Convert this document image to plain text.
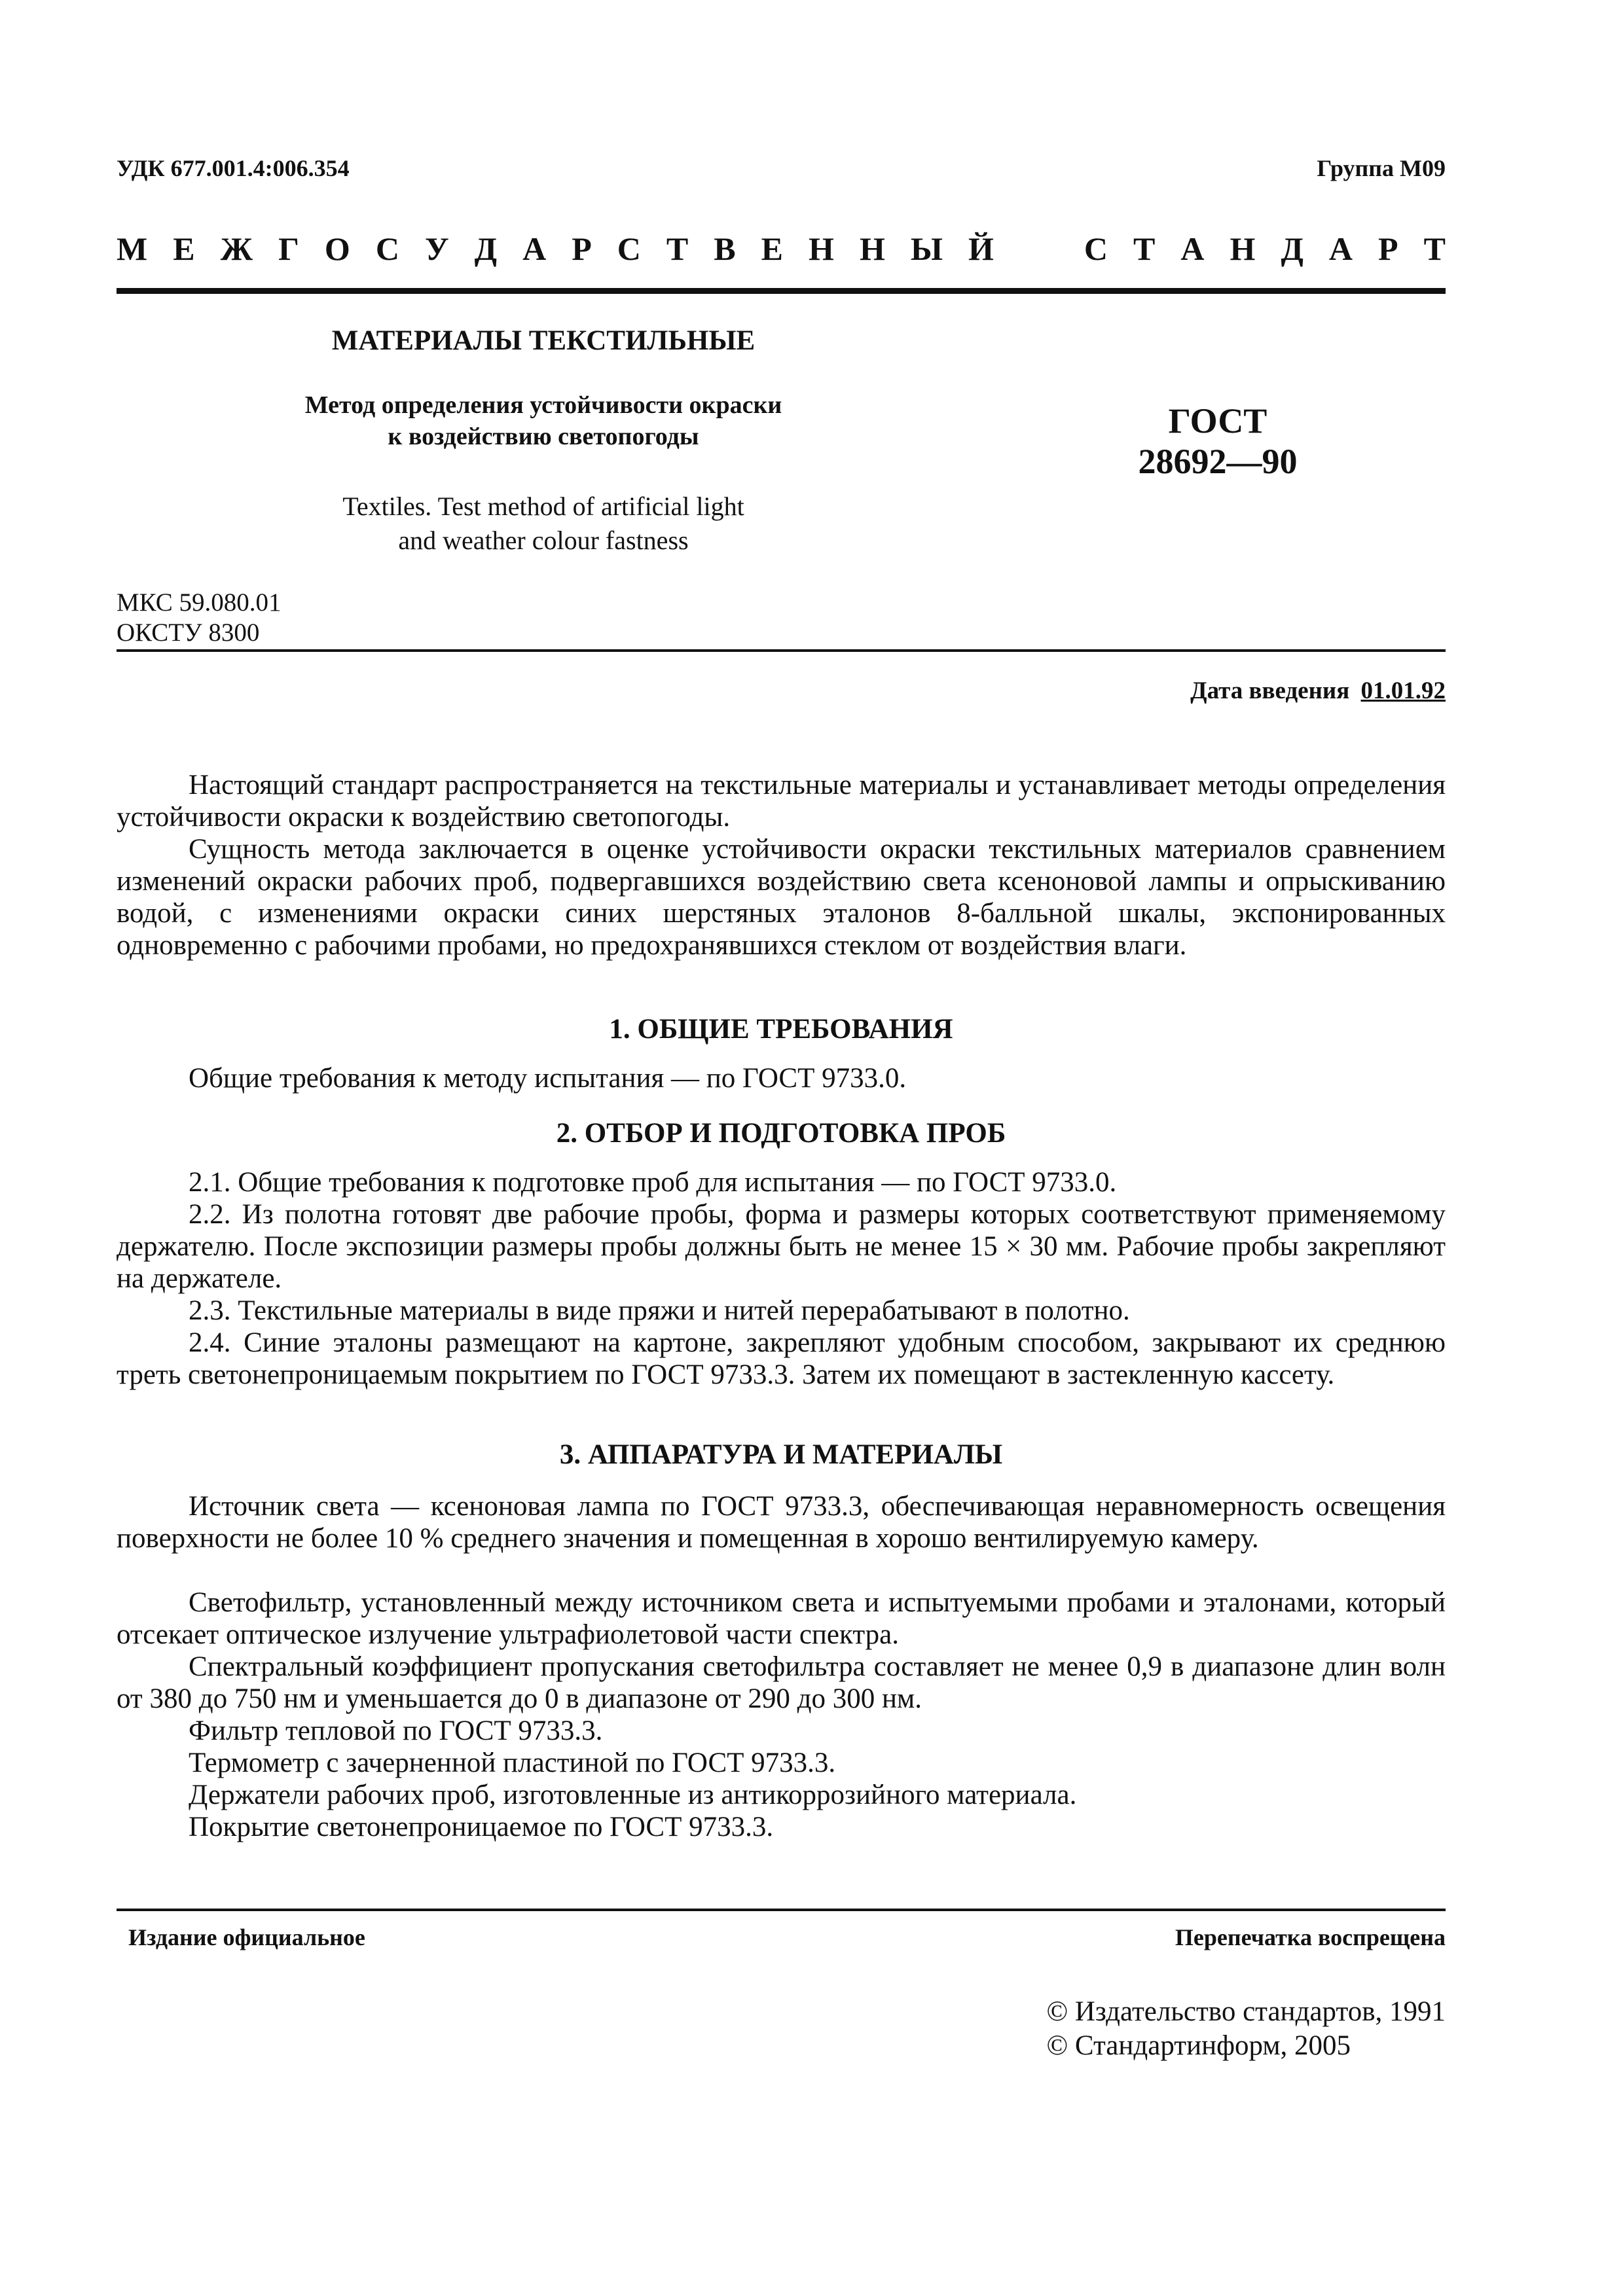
УДК 677.001.4:006.354	Группа М09
М Е Ж Г О С У Д А Р С Т В Е Н Н Ы Й	С Т А Н Д А Р Т
МАТЕРИАЛЫ ТЕКСТИЛЬНЫЕ
Метод определения устойчивости окраски
к воздействию светопогоды
Textiles. Test method of artificial light
and weather colour fastness
ГОСТ
28692—90
МКС 59.080.01
ОКСТУ 8300
Дата введения 01.01.92

Настоящий стандарт распространяется на текстильные материалы и устанавливает методы определения устойчивости окраски к воздействию светопогоды.

Сущность метода заключается в оценке устойчивости окраски текстильных материалов сравнением изменений окраски рабочих проб, подвергавшихся воздействию света ксеноновой лампы и опрыскиванию водой, с изменениями окраски синих шерстяных эталонов 8-балльной шкалы, экспонированных одновременно с рабочими пробами, но предохранявшихся стеклом от воздействия влаги.

1. ОБЩИЕ ТРЕБОВАНИЯ

Общие требования к методу испытания — по ГОСТ 9733.0.

2. ОТБОР И ПОДГОТОВКА ПРОБ

2.1. Общие требования к подготовке проб для испытания — по ГОСТ 9733.0.

2.2. Из полотна готовят две рабочие пробы, форма и размеры которых соответствуют применяемому держателю. После экспозиции размеры пробы должны быть не менее 15 × 30 мм. Рабочие пробы закрепляют на держателе.

2.3. Текстильные материалы в виде пряжи и нитей перерабатывают в полотно.

2.4. Синие эталоны размещают на картоне, закрепляют удобным способом, закрывают их среднюю треть светонепроницаемым покрытием по ГОСТ 9733.3. Затем их помещают в застекленную кассету.

3. АППАРАТУРА И МАТЕРИАЛЫ

Источник света — ксеноновая лампа по ГОСТ 9733.3, обеспечивающая неравномерность освещения поверхности не более 10 % среднего значения и помещенная в хорошо вентилируемую камеру.

Светофильтр, установленный между источником света и испытуемыми пробами и эталонами, который отсекает оптическое излучение ультрафиолетовой части спектра.

Спектральный коэффициент пропускания светофильтра составляет не менее 0,9 в диапазоне длин волн от 380 до 750 нм и уменьшается до 0 в диапазоне от 290 до 300 нм.

Фильтр тепловой по ГОСТ 9733.3.
Термометр с зачерненной пластиной по ГОСТ 9733.3.
Держатели рабочих проб, изготовленные из антикоррозийного материала.
Покрытие светонепроницаемое по ГОСТ 9733.3.
Издание официальное	Перепечатка воспрещена
© Издательство стандартов, 1991
© Стандартинформ, 2005
